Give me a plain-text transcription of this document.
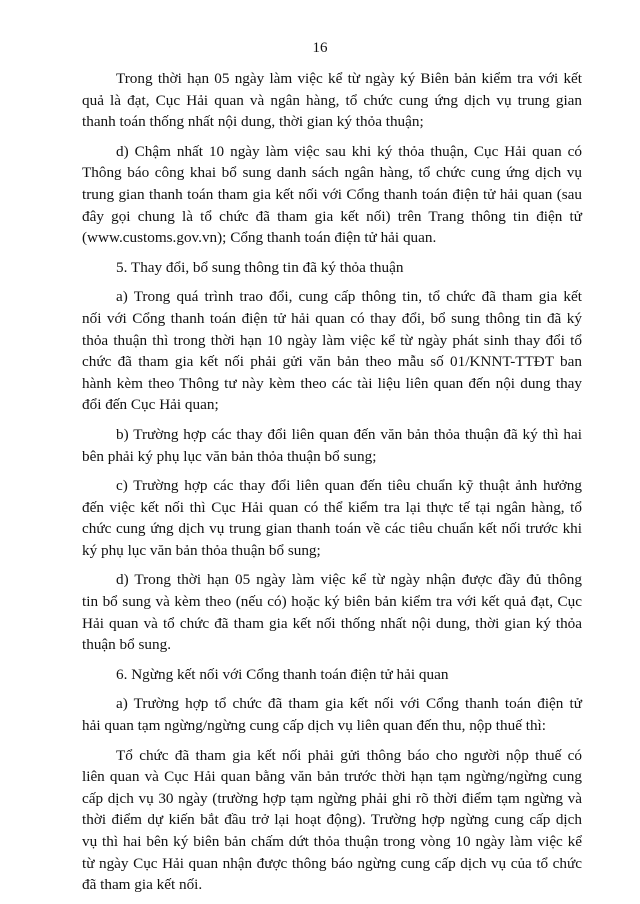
16

Trong thời hạn 05 ngày làm việc kể từ ngày ký Biên bản kiểm tra với kết
quả là đạt, Cục Hải quan và ngân hàng, tổ chức cung ứng dịch vụ trung gian
thanh toán thống nhất nội dung, thời gian ký thỏa thuận;

d) Chậm nhất 10 ngày làm việc sau khi ký thỏa thuận, Cục Hải quan có
Thông báo công khai bổ sung danh sách ngân hàng, tổ chức cung ứng dịch vụ
trung gian thanh toán tham gia kết nối với Cổng thanh toán điện tử hải quan (sau
đây gọi chung là tổ chức đã tham gia kết nối) trên Trang thông tin điện tử
(www.customs.gov.vn); Cổng thanh toán điện tử hải quan.

5. Thay đổi, bổ sung thông tin đã ký thỏa thuận

a) Trong quá trình trao đổi, cung cấp thông tin, tổ chức đã tham gia kết
nối với Cổng thanh toán điện tử hải quan có thay đổi, bổ sung thông tin đã ký
thỏa thuận thì trong thời hạn 10 ngày làm việc kể từ ngày phát sinh thay đổi tổ
chức đã tham gia kết nối phải gửi văn bản theo mẫu số 01/KNNT-TTĐT ban
hành kèm theo Thông tư này kèm theo các tài liệu liên quan đến nội dung thay
đổi đến Cục Hải quan;

b) Trường hợp các thay đổi liên quan đến văn bản thỏa thuận đã ký thì hai
bên phải ký phụ lục văn bản thỏa thuận bổ sung;

c) Trường hợp các thay đổi liên quan đến tiêu chuẩn kỹ thuật ảnh hưởng
đến việc kết nối thì Cục Hải quan có thể kiểm tra lại thực tế tại ngân hàng, tổ
chức cung ứng dịch vụ trung gian thanh toán về các tiêu chuẩn kết nối trước khi
ký phụ lục văn bản thỏa thuận bổ sung;

d) Trong thời hạn 05 ngày làm việc kể từ ngày nhận được đầy đủ thông
tin bổ sung và kèm theo (nếu có) hoặc ký biên bản kiểm tra với kết quả đạt, Cục
Hải quan và tổ chức đã tham gia kết nối thống nhất nội dung, thời gian ký thỏa
thuận bổ sung.

6. Ngừng kết nối với Cổng thanh toán điện tử hải quan

a) Trường hợp tổ chức đã tham gia kết nối với Cổng thanh toán điện tử
hải quan tạm ngừng/ngừng cung cấp dịch vụ liên quan đến thu, nộp thuế thì:

Tổ chức đã tham gia kết nối phải gửi thông báo cho người nộp thuế có
liên quan và Cục Hải quan bằng văn bản trước thời hạn tạm ngừng/ngừng cung
cấp dịch vụ 30 ngày (trường hợp tạm ngừng phải ghi rõ thời điểm tạm ngừng và
thời điểm dự kiến bắt đầu trở lại hoạt động). Trường hợp ngừng cung cấp dịch
vụ thì hai bên ký biên bản chấm dứt thỏa thuận trong vòng 10 ngày làm việc kể
từ ngày Cục Hải quan nhận được thông báo ngừng cung cấp dịch vụ của tổ chức
đã tham gia kết nối.
